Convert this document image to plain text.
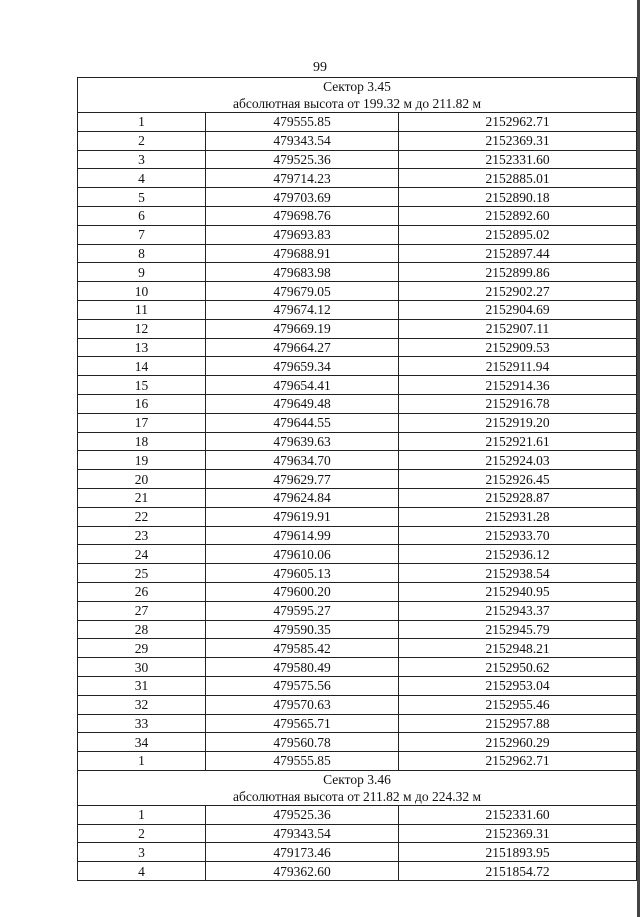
99
Сектор 3.45
абсолютная высота от 199.32 м до 211.82 м		

1	479555.85	2152962.71
2	479343.54	2152369.31
3	479525.36	2152331.60
4	479714.23	2152885.01
5	479703.69	2152890.18
6	479698.76	2152892.60
7	479693.83	2152895.02
8	479688.91	2152897.44
9	479683.98	2152899.86
10	479679.05	2152902.27
11	479674.12	2152904.69
12	479669.19	2152907.11
13	479664.27	2152909.53
14	479659.34	2152911.94
15	479654.41	2152914.36
16	479649.48	2152916.78
17	479644.55	2152919.20
18	479639.63	2152921.61
19	479634.70	2152924.03
20	479629.77	2152926.45
21	479624.84	2152928.87
22	479619.91	2152931.28
23	479614.99	2152933.70
24	479610.06	2152936.12
25	479605.13	2152938.54
26	479600.20	2152940.95
27	479595.27	2152943.37
28	479590.35	2152945.79
29	479585.42	2152948.21
30	479580.49	2152950.62
31	479575.56	2152953.04
32	479570.63	2152955.46
33	479565.71	2152957.88
34	479560.78	2152960.29
1	479555.85	2152962.71

Сектор 3.46
абсолютная высота от 211.82 м до 224.32 м		

1	479525.36	2152331.60
2	479343.54	2152369.31
3	479173.46	2151893.95
4	479362.60	2151854.72
